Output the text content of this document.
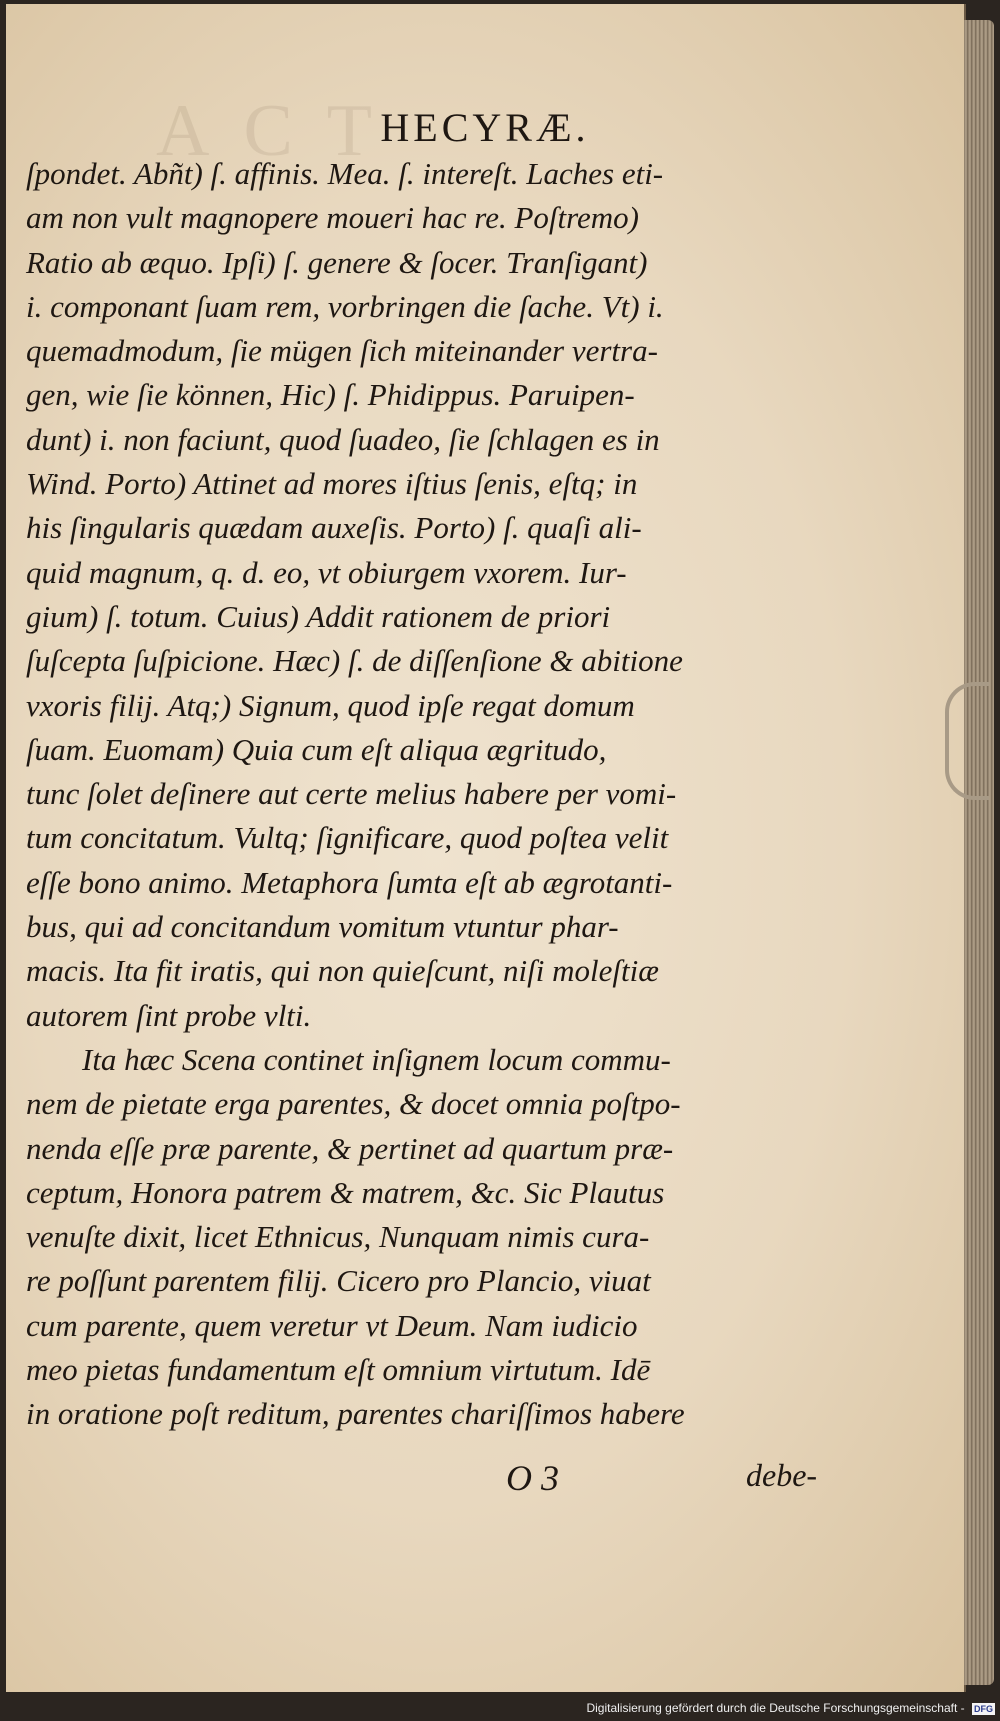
ACT
HECYRÆ.
ſpondet. Abñt) ſ. affinis. Mea. ſ. intereſt. Laches eti-
am non vult magnopere moueri hac re. Poſtremo)
Ratio ab æquo. Ipſi) ſ. genere & ſocer. Tranſigant)
i. componant ſuam rem, vorbringen die ſache. Vt) i.
quemadmodum, ſie mügen ſich miteinander vertra-
gen, wie ſie können, Hic) ſ. Phidippus. Paruipen-
dunt) i. non faciunt, quod ſuadeo, ſie ſchlagen es in
Wind. Porto) Attinet ad mores iſtius ſenis, eſtq; in
his ſingularis quædam auxeſis. Porto) ſ. quaſi ali-
quid magnum, q. d. eo, vt obiurgem vxorem. Iur-
gium) ſ. totum. Cuius) Addit rationem de priori
ſuſcepta ſuſpicione. Hæc) ſ. de diſſenſione & abitione
vxoris filij. Atq;) Signum, quod ipſe regat domum
ſuam. Euomam) Quia cum eſt aliqua ægritudo,
tunc ſolet deſinere aut certe melius habere per vomi-
tum concitatum. Vultq; ſignificare, quod poſtea velit
eſſe bono animo. Metaphora ſumta eſt ab ægrotanti-
bus, qui ad concitandum vomitum vtuntur phar-
macis. Ita fit iratis, qui non quieſcunt, niſi moleſtiæ
autorem ſint probe vlti.
Ita hæc Scena continet inſignem locum commu-
nem de pietate erga parentes, & docet omnia poſtpo-
nenda eſſe præ parente, & pertinet ad quartum præ-
ceptum, Honora patrem & matrem, &c. Sic Plautus
venuſte dixit, licet Ethnicus, Nunquam nimis cura-
re poſſunt parentem filij. Cicero pro Plancio, viuat
cum parente, quem veretur vt Deum. Nam iudicio
meo pietas fundamentum eſt omnium virtutum. Idē
in oratione poſt reditum, parentes chariſſimos habere
O 3	debe-
Digitalisierung gefördert durch die Deutsche Forschungsgemeinschaft - DFG
